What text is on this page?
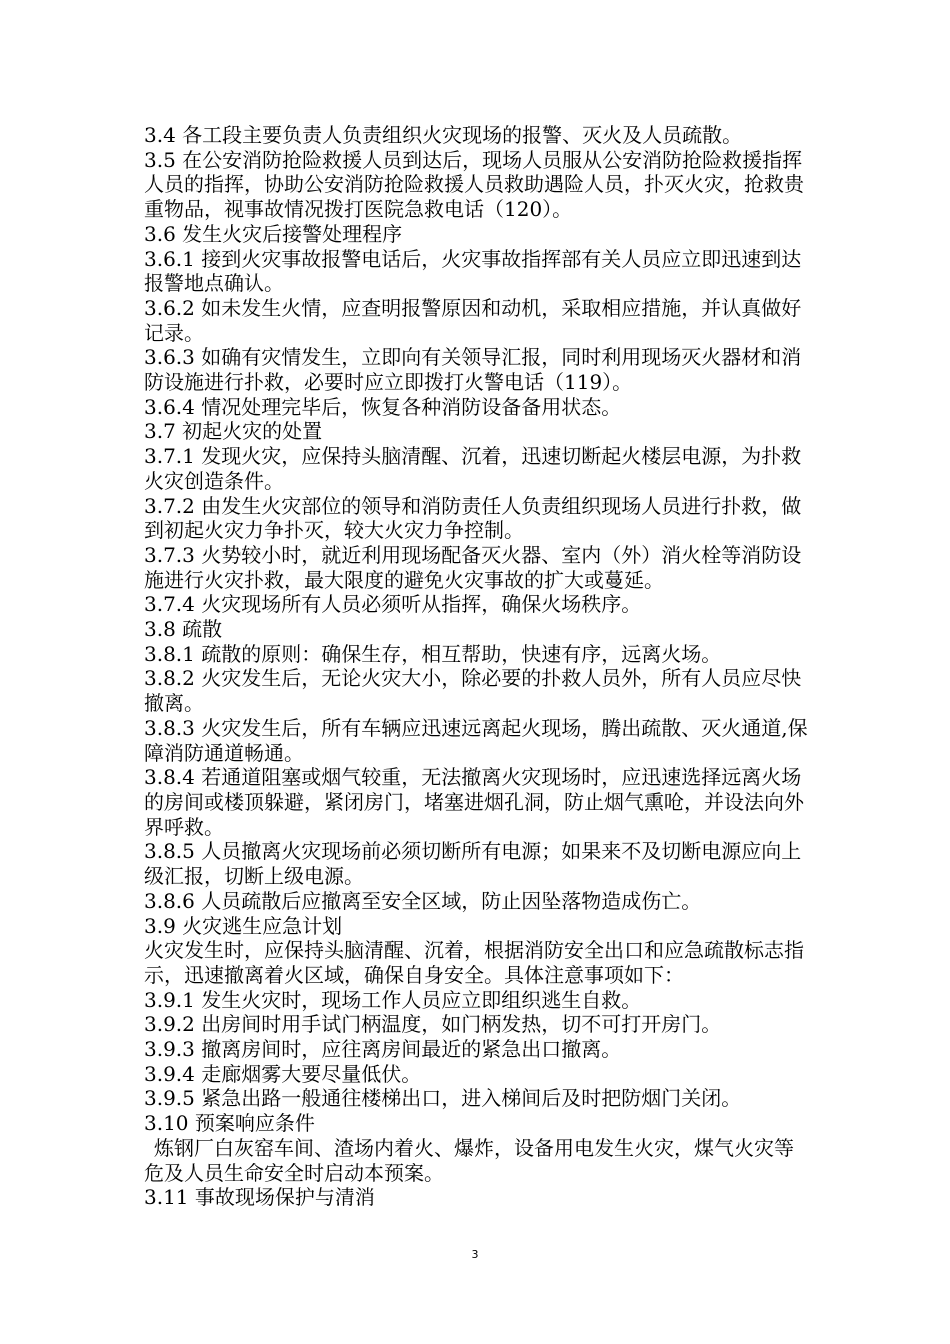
3.4 各工段主要负责人负责组织火灾现场的报警、灭火及人员疏散。

3.5 在公安消防抢险救援人员到达后，现场人员服从公安消防抢险救援指挥人员的指挥，协助公安消防抢险救援人员救助遇险人员，扑灭火灾，抢救贵重物品，视事故情况拨打医院急救电话（120）。

3.6 发生火灾后接警处理程序

3.6.1 接到火灾事故报警电话后，火灾事故指挥部有关人员应立即迅速到达报警地点确认。

3.6.2 如未发生火情，应查明报警原因和动机，采取相应措施，并认真做好记录。

3.6.3 如确有灾情发生，立即向有关领导汇报，同时利用现场灭火器材和消防设施进行扑救，必要时应立即拨打火警电话（119）。

3.6.4 情况处理完毕后，恢复各种消防设备备用状态。

3.7 初起火灾的处置

3.7.1 发现火灾，应保持头脑清醒、沉着，迅速切断起火楼层电源，为扑救火灾创造条件。

3.7.2 由发生火灾部位的领导和消防责任人负责组织现场人员进行扑救，做到初起火灾力争扑灭，较大火灾力争控制。

3.7.3 火势较小时，就近利用现场配备灭火器、室内（外）消火栓等消防设施进行火灾扑救，最大限度的避免火灾事故的扩大或蔓延。

3.7.4 火灾现场所有人员必须听从指挥，确保火场秩序。

3.8 疏散

3.8.1 疏散的原则：确保生存，相互帮助，快速有序，远离火场。

3.8.2 火灾发生后，无论火灾大小，除必要的扑救人员外，所有人员应尽快撤离。

3.8.3 火灾发生后，所有车辆应迅速远离起火现场，腾出疏散、灭火通道,保障消防通道畅通。

3.8.4 若通道阻塞或烟气较重，无法撤离火灾现场时，应迅速选择远离火场的房间或楼顶躲避，紧闭房门，堵塞进烟孔洞，防止烟气熏呛，并设法向外界呼救。

3.8.5 人员撤离火灾现场前必须切断所有电源；如果来不及切断电源应向上级汇报，切断上级电源。

3.8.6 人员疏散后应撤离至安全区域，防止因坠落物造成伤亡。

3.9 火灾逃生应急计划

火灾发生时，应保持头脑清醒、沉着，根据消防安全出口和应急疏散标志指示，迅速撤离着火区域，确保自身安全。具体注意事项如下：

3.9.1 发生火灾时，现场工作人员应立即组织逃生自救。

3.9.2 出房间时用手试门柄温度，如门柄发热，切不可打开房门。

3.9.3 撤离房间时，应往离房间最近的紧急出口撤离。

3.9.4 走廊烟雾大要尽量低伏。

3.9.5 紧急出路一般通往楼梯出口，进入梯间后及时把防烟门关闭。

3.10 预案响应条件

炼钢厂白灰窑车间、渣场内着火、爆炸，设备用电发生火灾，煤气火灾等危及人员生命安全时启动本预案。

3.11 事故现场保护与清消

3
